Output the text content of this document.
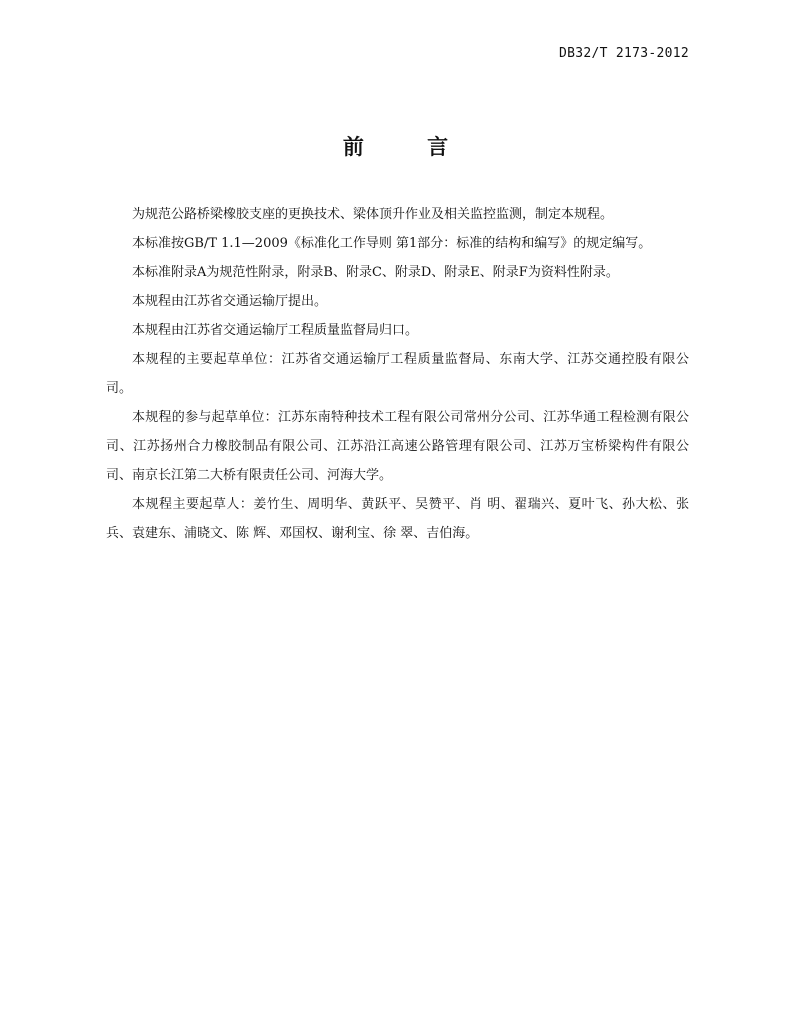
DB32/T 2173-2012
前 言

为规范公路桥梁橡胶支座的更换技术、梁体顶升作业及相关监控监测，制定本规程。

本标准按GB/T 1.1—2009《标准化工作导则 第1部分：标准的结构和编写》的规定编写。

本标准附录A为规范性附录，附录B、附录C、附录D、附录E、附录F为资料性附录。

本规程由江苏省交通运输厅提出。

本规程由江苏省交通运输厅工程质量监督局归口。

本规程的主要起草单位：江苏省交通运输厅工程质量监督局、东南大学、江苏交通控股有限公司。

本规程的参与起草单位：江苏东南特种技术工程有限公司常州分公司、江苏华通工程检测有限公司、江苏扬州合力橡胶制品有限公司、江苏沿江高速公路管理有限公司、江苏万宝桥梁构件有限公司、南京长江第二大桥有限责任公司、河海大学。

本规程主要起草人：姜竹生、周明华、黄跃平、吴赞平、肖 明、翟瑞兴、夏叶飞、孙大松、张兵、袁建东、浦晓文、陈 辉、邓国权、谢利宝、徐 翠、吉伯海。
